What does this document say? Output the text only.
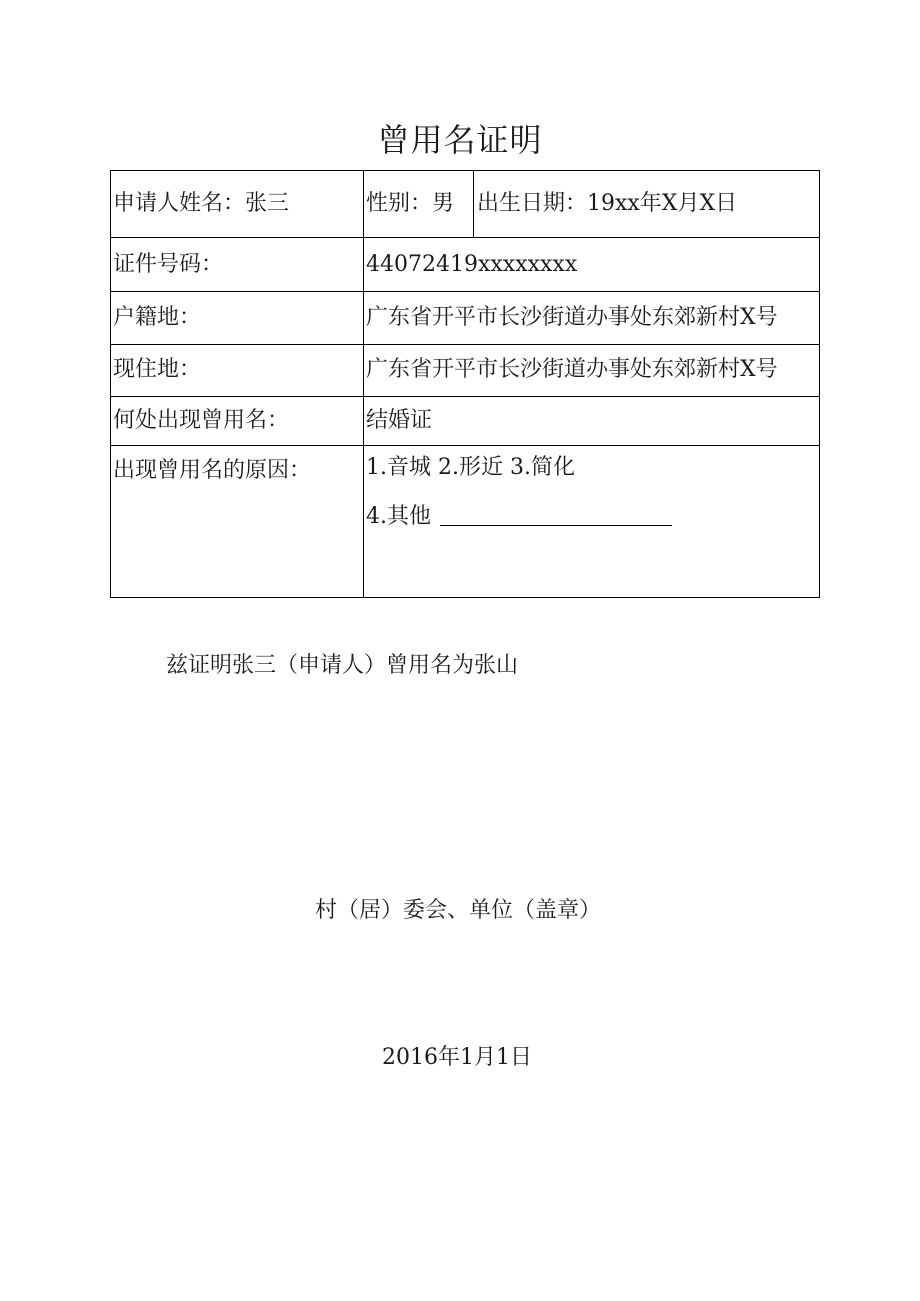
曾用名证明
申请人姓名：张三	性别：男 出生日期：19xx年X月X日
证件号码：	44072419xxxxxxxx
户籍地：	广东省开平市长沙街道办事处东郊新村X号
现住地：	广东省开平市长沙街道办事处东郊新村X号
何处出现曾用名：	结婚证
出现曾用名的原因： 1.音城 2.形近 3.简化
4.其他
兹证明张三（申请人）曾用名为张山
村（居）委会、单位（盖章）
2016年1月1日
